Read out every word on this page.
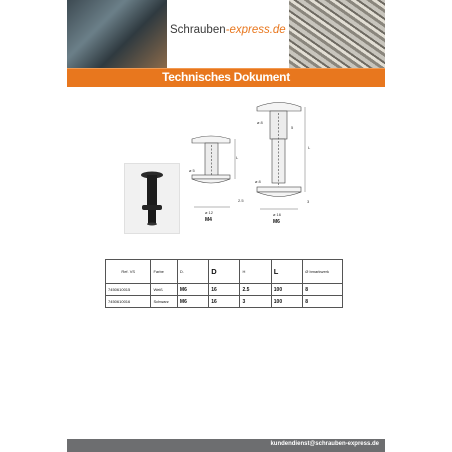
Schrauben-express.de
Technisches Dokument
ø 5
L
2.5
ø 12
M4
ø 8
5
L
ø 8
3
ø 16
M6
Ref. VS	Farbe	D.	D	H	L	Ø bmarkwerk
7450610015	Weiß	M6	16	2.5	100	8
7450610016	Schwarz	M6	16	3	100	8
kundendienst@schrauben-express.de
